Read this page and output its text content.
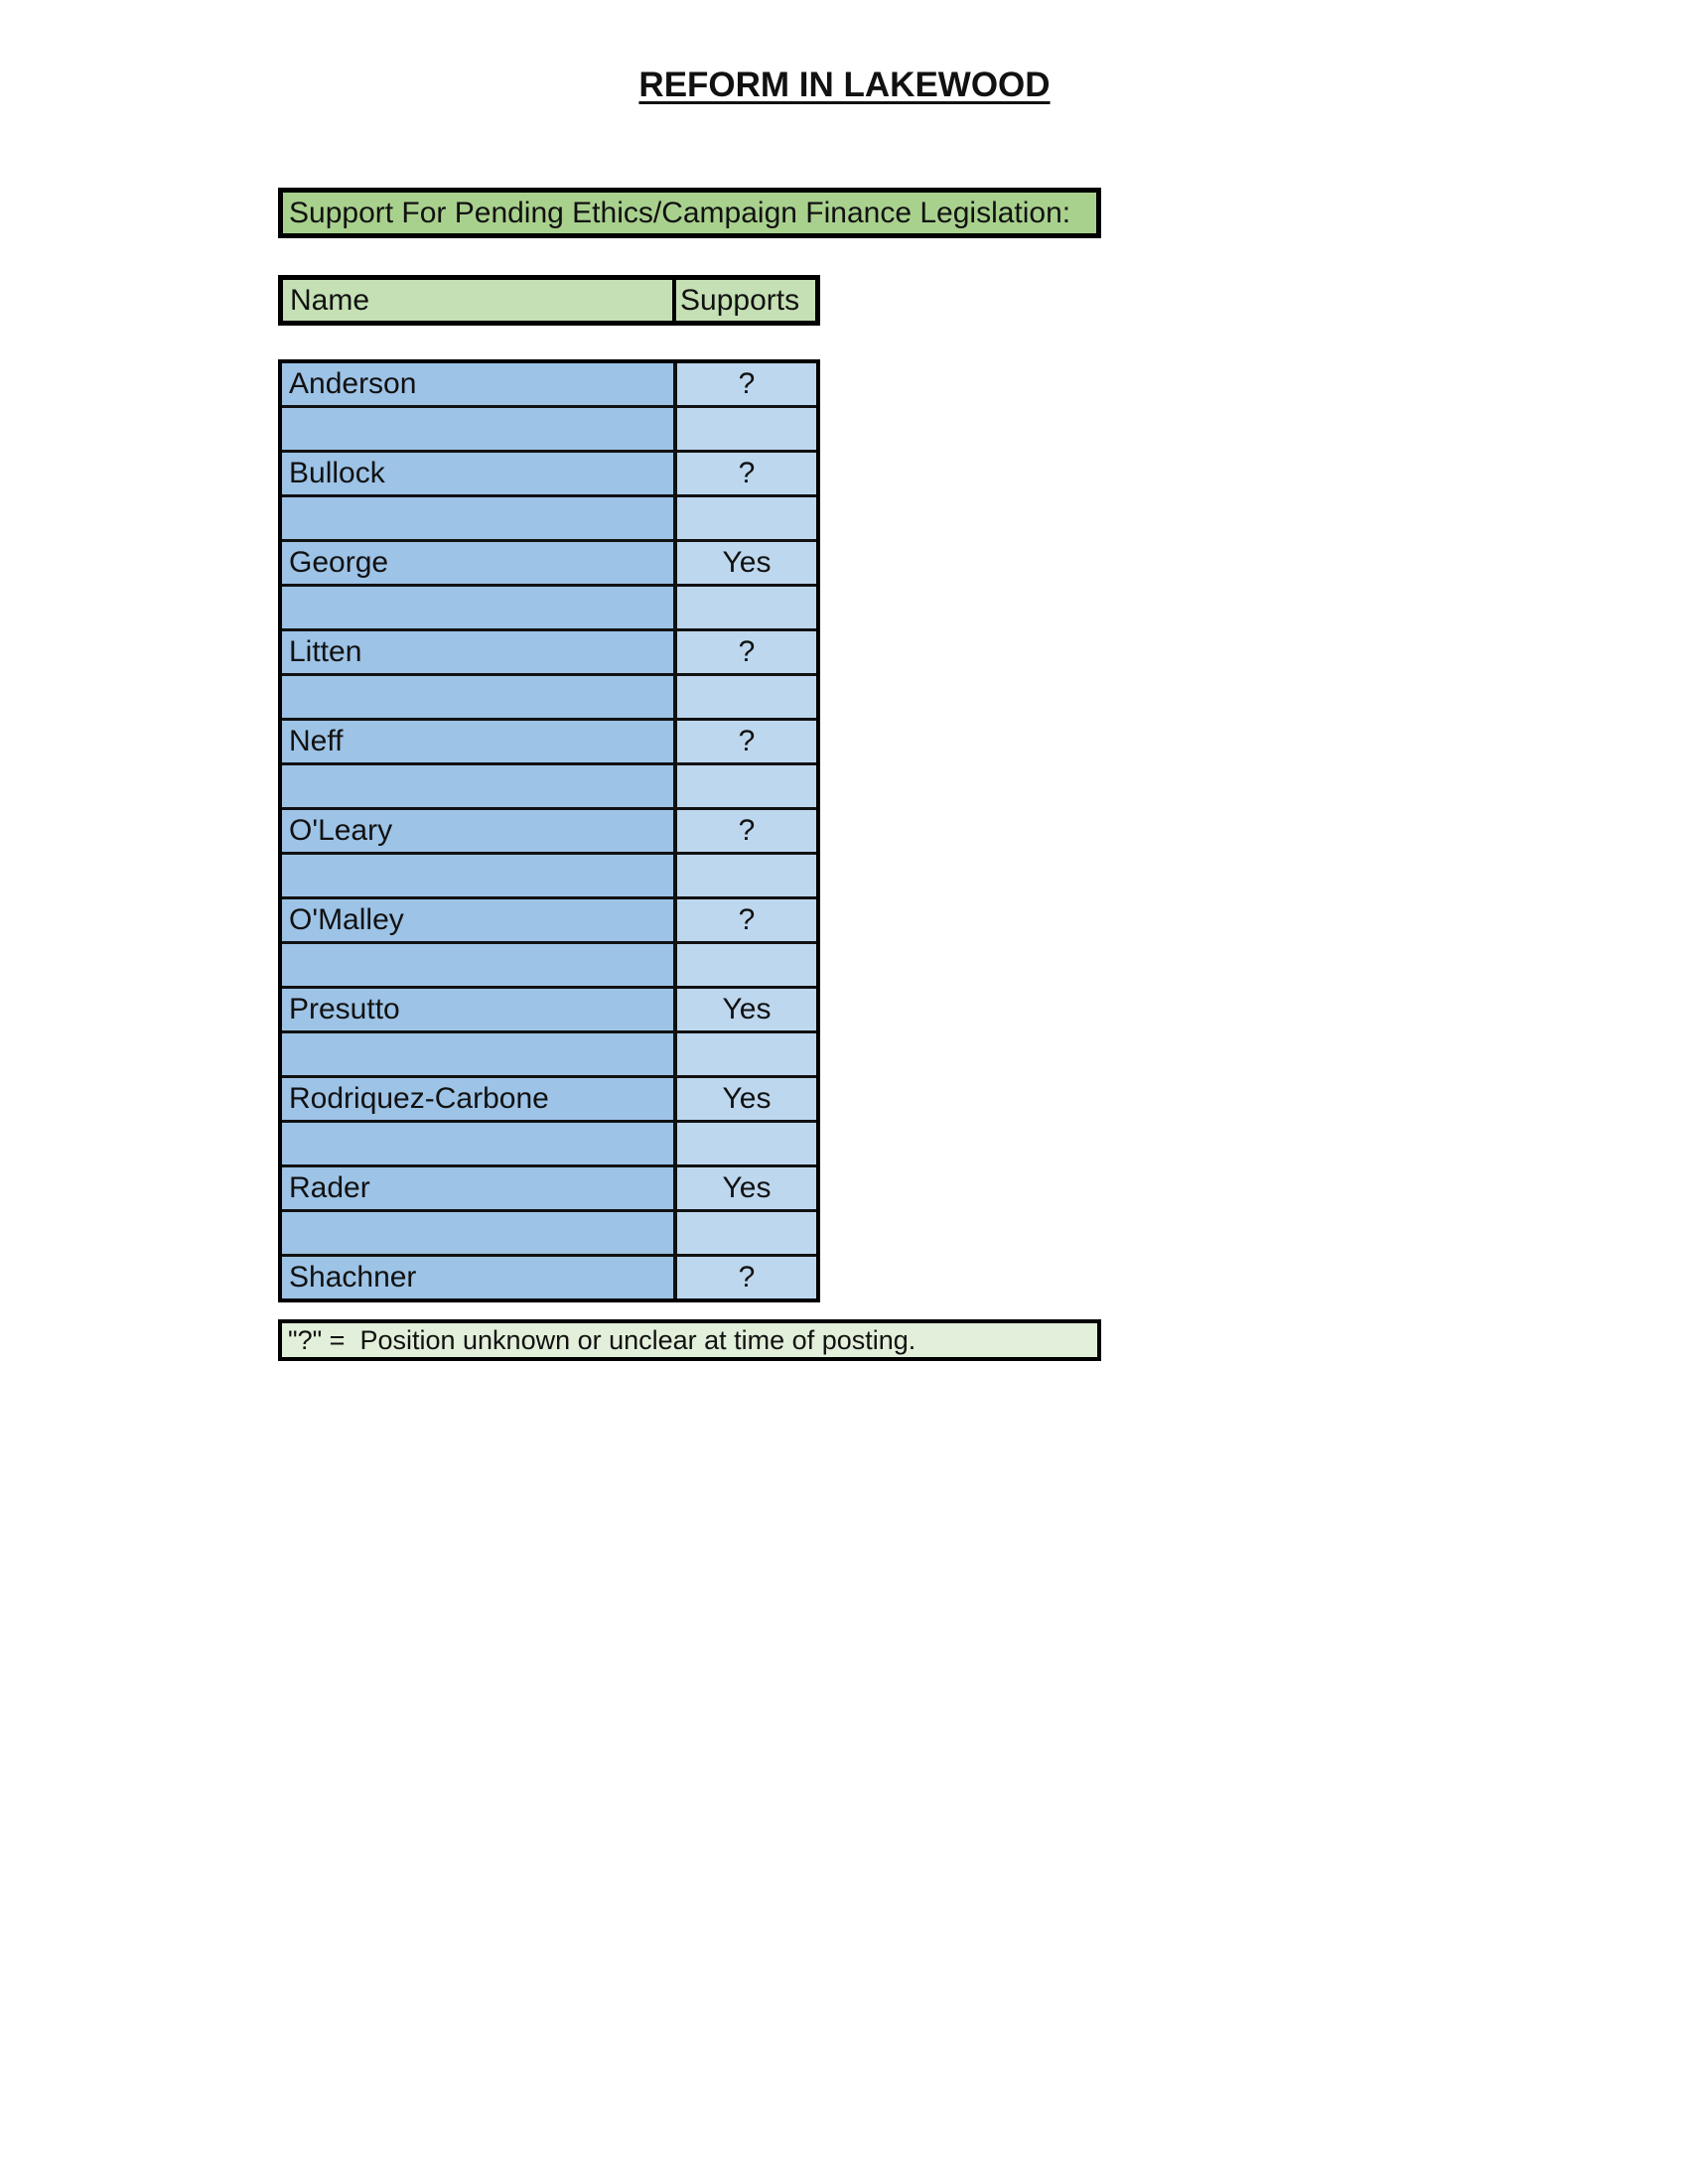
REFORM IN LAKEWOOD
Support For Pending Ethics/Campaign Finance Legislation:
Name	Supports
Anderson	?
Bullock	?
George	Yes
Litten	?
Neff	?
O'Leary	?
O'Malley	?
Presutto	Yes
Rodriquez-Carbone	Yes
Rader	Yes
Shachner	?
"?" =  Position unknown or unclear at time of posting.
